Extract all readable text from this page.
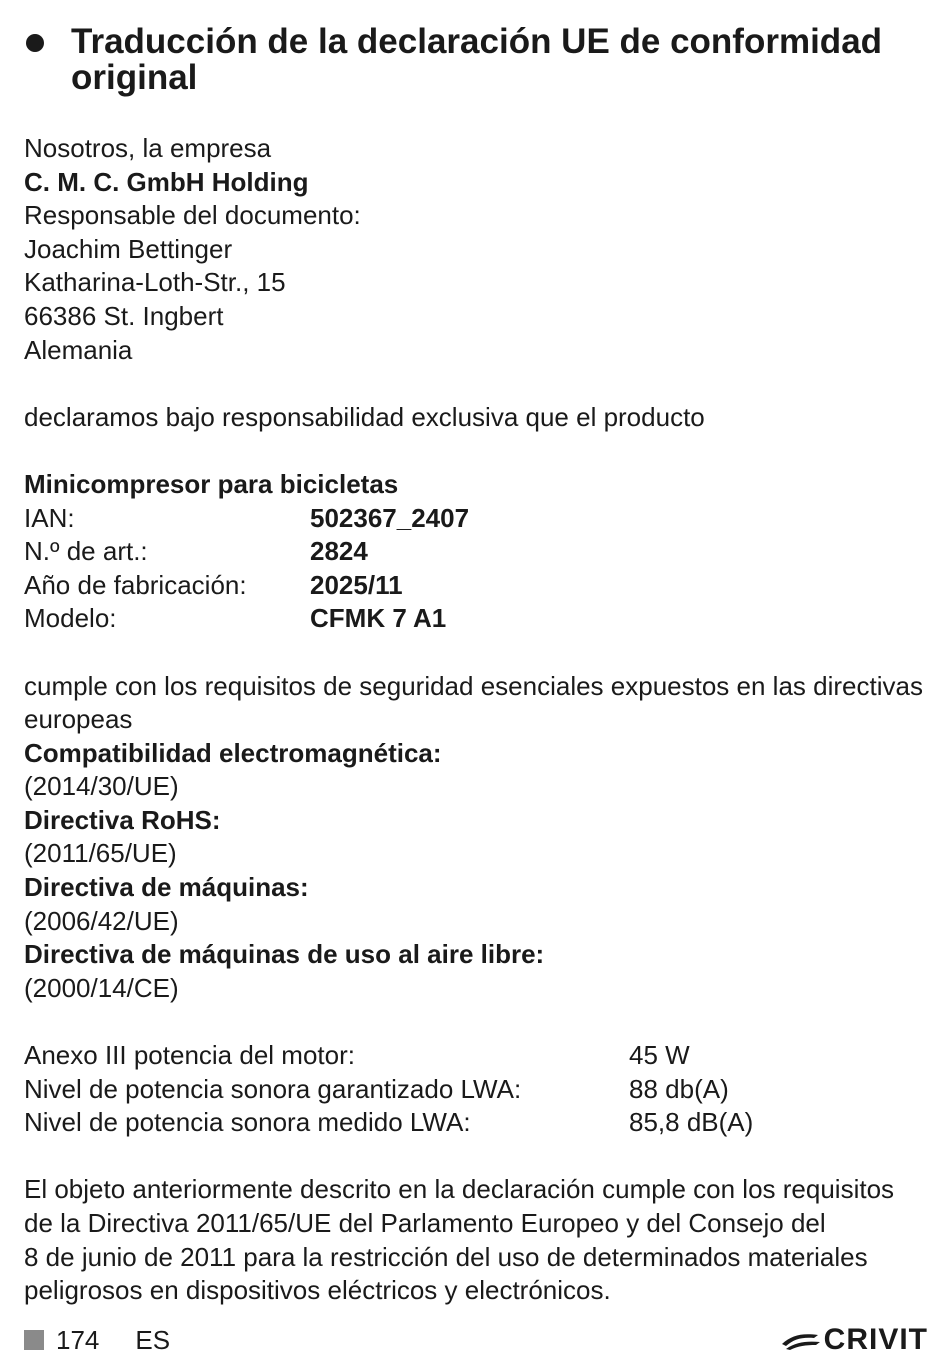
Traducción de la declaración UE de conformidad original
Nosotros, la empresa
C. M. C. GmbH Holding
Responsable del documento:
Joachim Bettinger
Katharina-Loth-Str., 15
66386 St. Ingbert
Alemania
declaramos bajo responsabilidad exclusiva que el producto
Minicompresor para bicicletas
IAN:	502367_2407
N.º de art.:	2824
Año de fabricación:	2025/11
Modelo:	CFMK 7 A1
cumple con los requisitos de seguridad esenciales expuestos en las directivas europeas
Compatibilidad electromagnética:
(2014/30/UE)
Directiva RoHS:
(2011/65/UE)
Directiva de máquinas:
(2006/42/UE)
Directiva de máquinas de uso al aire libre:
(2000/14/CE)
Anexo III potencia del motor:	45 W
Nivel de potencia sonora garantizado LWA:	88 db(A)
Nivel de potencia sonora medido LWA:	85,8 dB(A)
El objeto anteriormente descrito en la declaración cumple con los requisitos
de la Directiva 2011/65/UE del Parlamento Europeo y del Consejo del
8 de junio de 2011 para la restricción del uso de determinados materiales
peligrosos en dispositivos eléctricos y electrónicos.
174 ES	CRIVIT
